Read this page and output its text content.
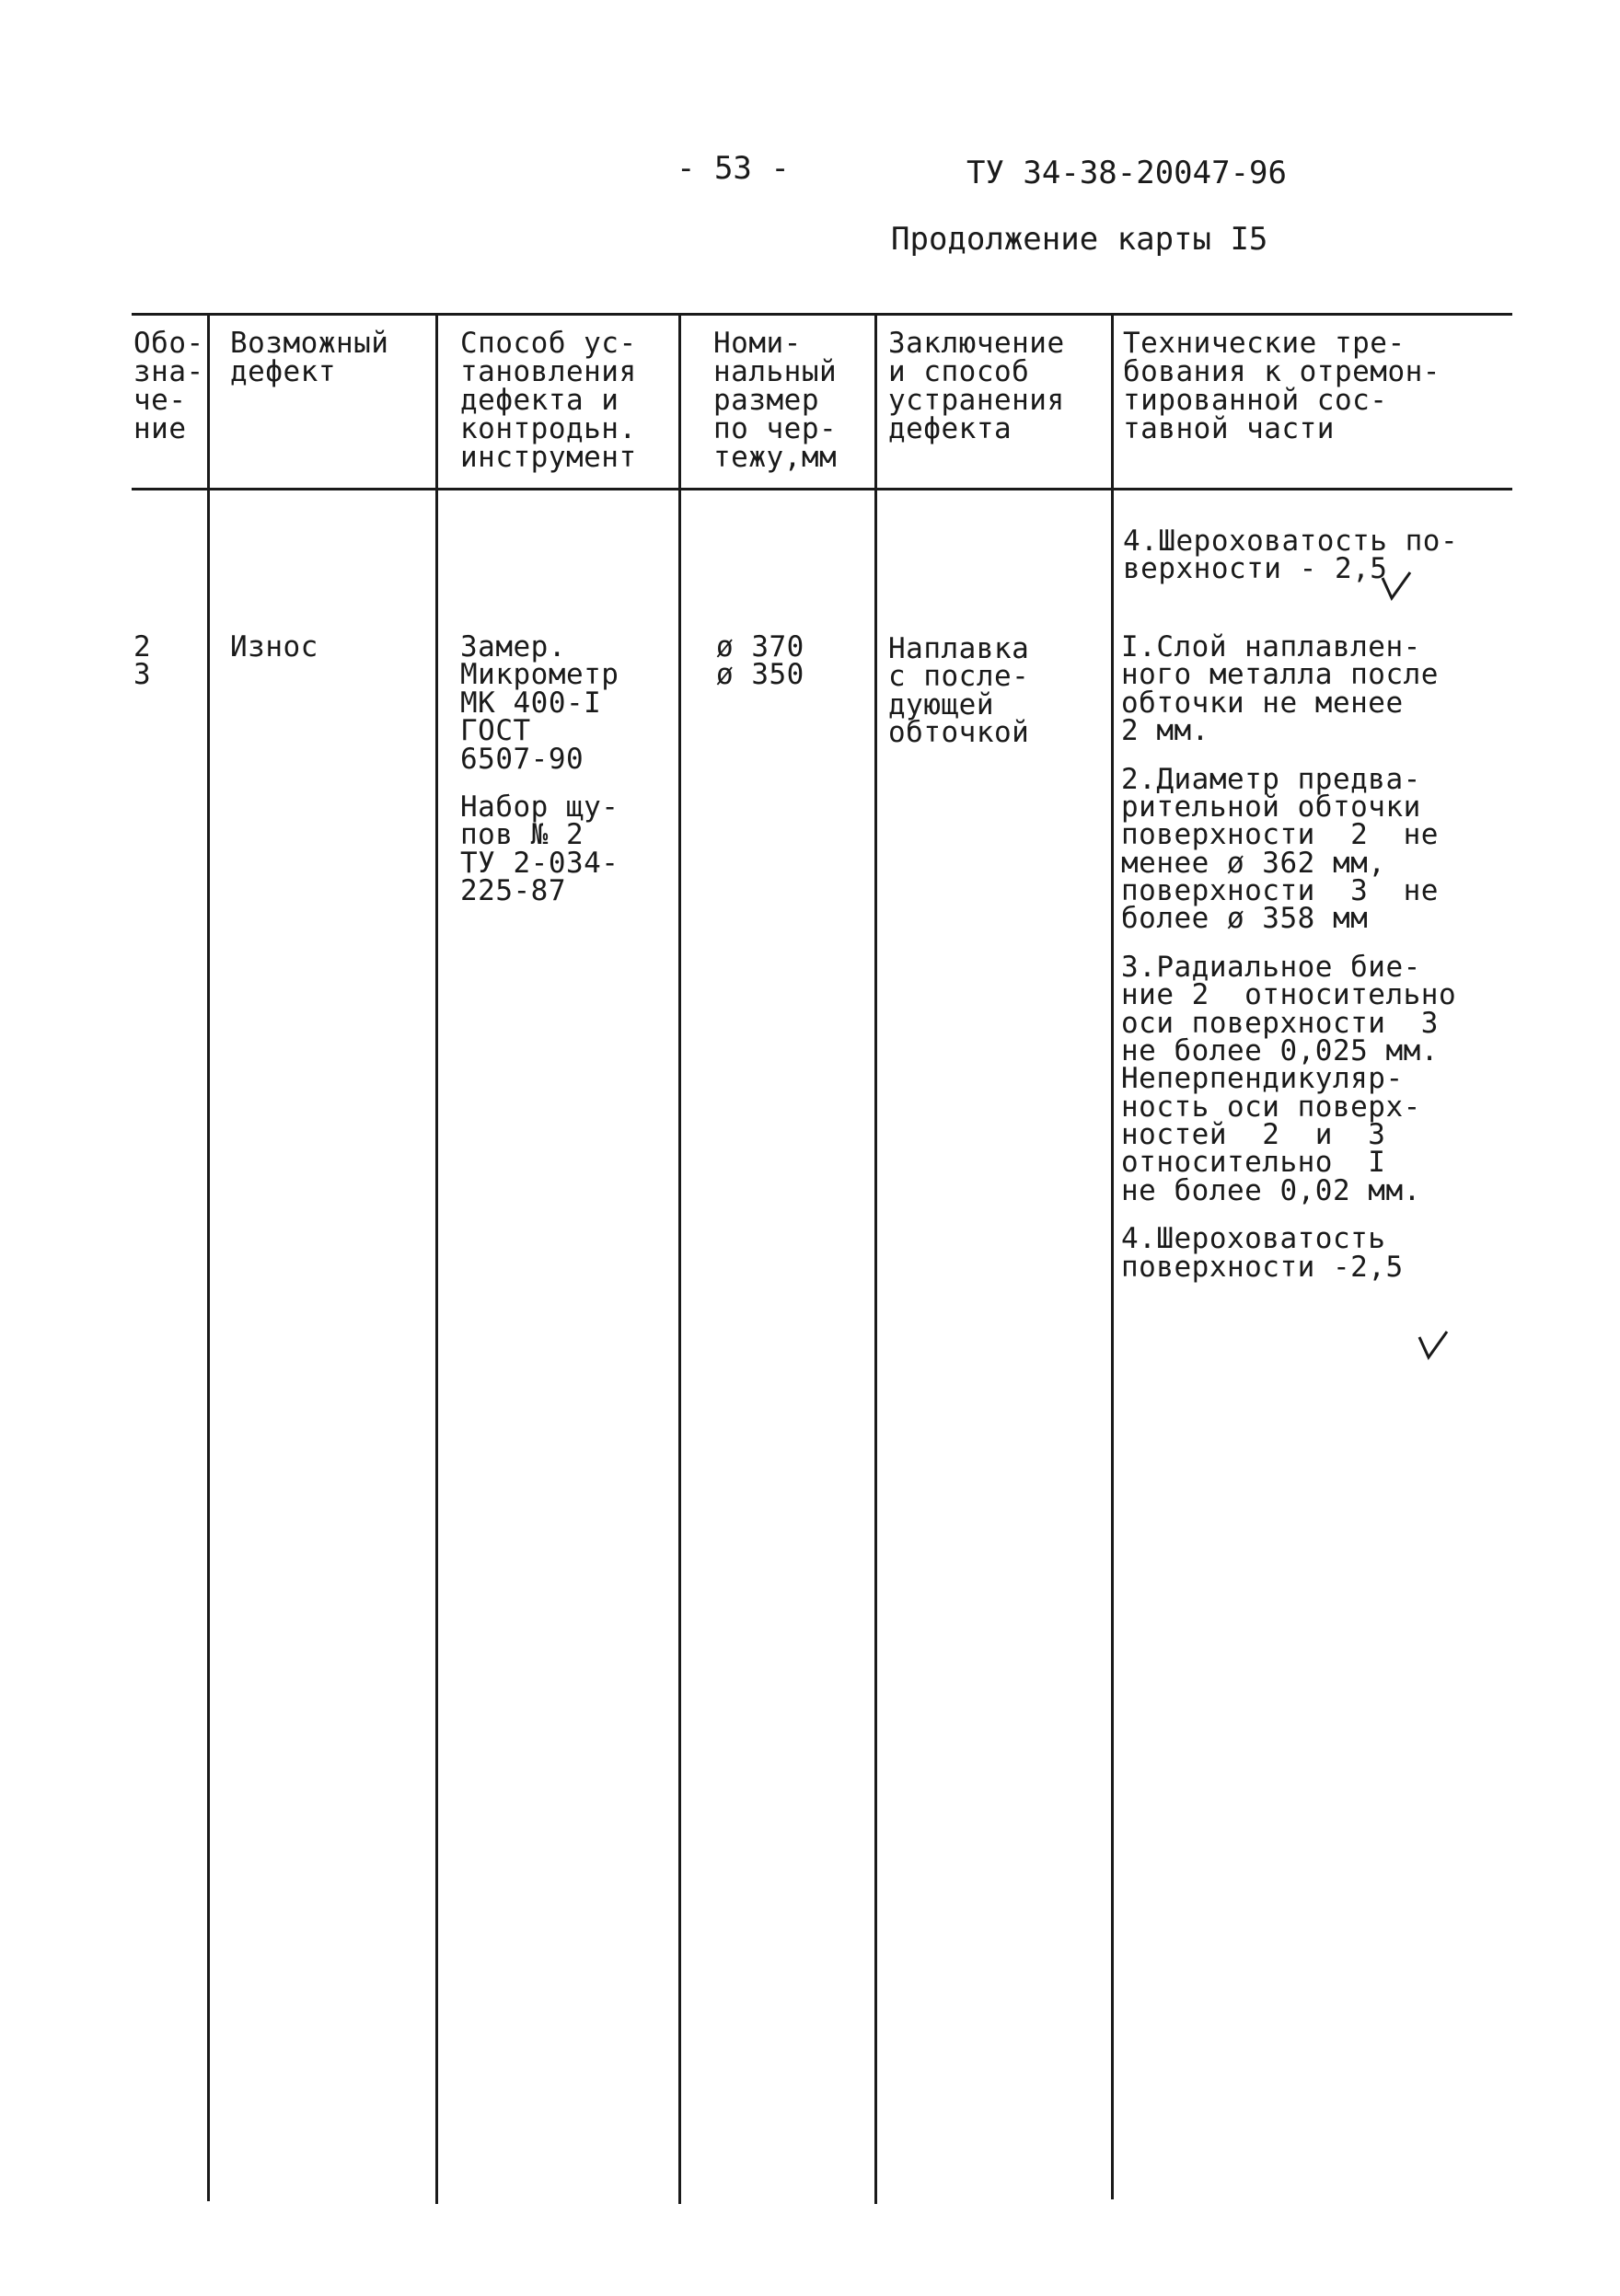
- 53 -	ТУ 34-38-20047-96
Продолжение карты I5
Обо-
зна-
че-
ние
Возможный
дефект
Способ ус-
тановления
дефекта и
контродьн.
инструмент
Номи-
нальный
размер
по чер-
тежу,мм
Заключение
и способ
устранения
дефекта
Технические тре-
бования к отремон-
тированной сос-
тавной части
4.Шероховатость по-
верхности - 2,5
2
3
Износ	Замер.
Микрометр
МК 400-I
ГОСТ
6507-90
Набор щу-
пов № 2
ТУ 2-034-
225-87
ø 370
ø 350
Наплавка
с после-
дующей
обточкой
I.Слой наплавлен-
ного металла после
обточки не менее
2 мм.
2.Диаметр предва-
рительной обточки
поверхности  2  не
менее ø 362 мм,
поверхности  3  не
более ø 358 мм
3.Радиальное бие-
ние 2  относительно
оси поверхности  3
не более 0,025 мм.
Неперпендикуляр-
ность оси поверх-
ностей  2  и  3
относительно  I
не более 0,02 мм.
4.Шероховатость
поверхности -2,5
